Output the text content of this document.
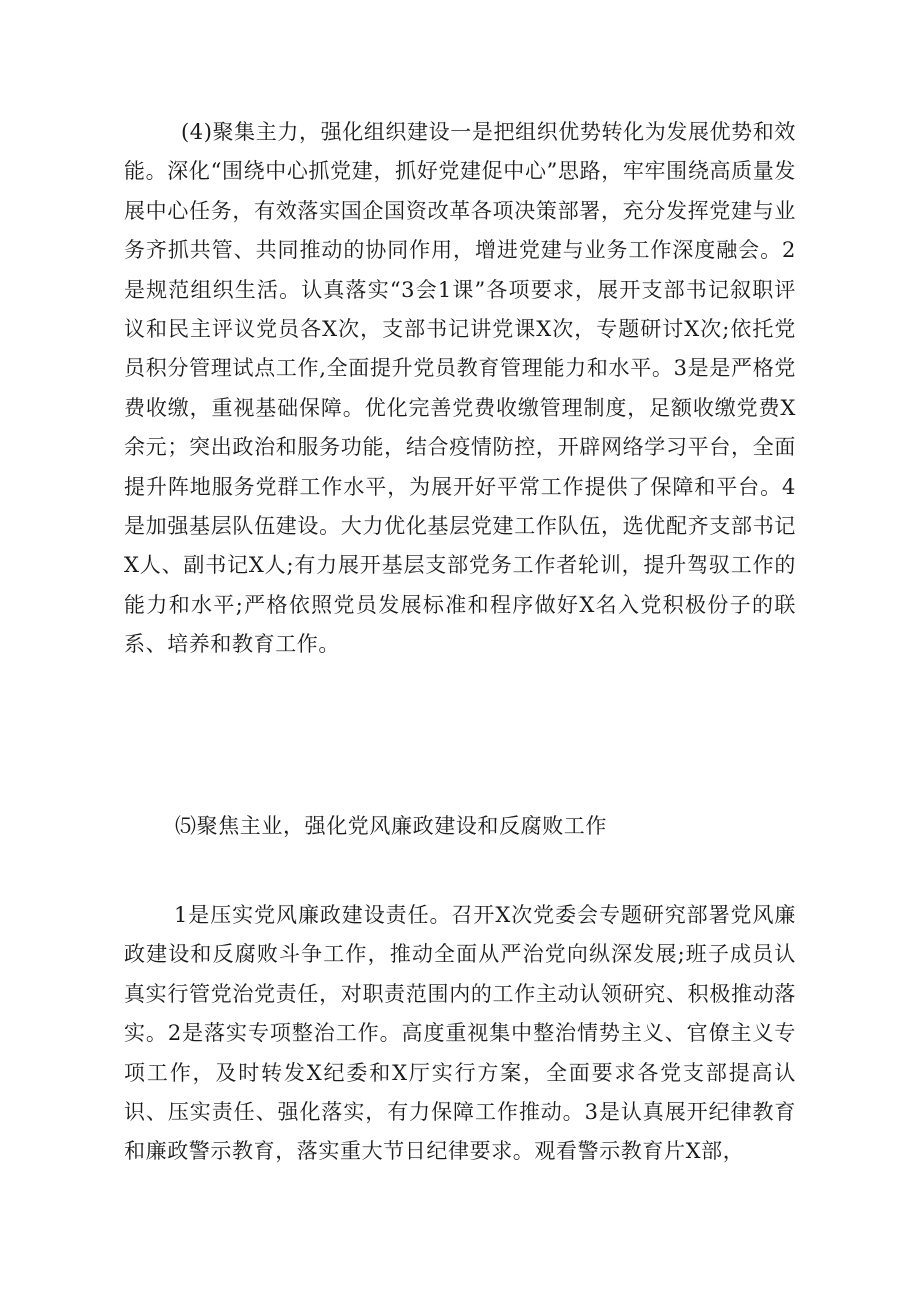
(4)聚集主力，强化组织建设一是把组织优势转化为发展优势和效能。深化“围绕中心抓党建，抓好党建促中心”思路，牢牢围绕高质量发展中心任务，有效落实国企国资改革各项决策部署，充分发挥党建与业务齐抓共管、共同推动的协同作用，增进党建与业务工作深度融会。2是规范组织生活。认真落实“3会1课”各项要求，展开支部书记叙职评议和民主评议党员各X次，支部书记讲党课X次，专题研讨X次;依托党员积分管理试点工作,全面提升党员教育管理能力和水平。3是是严格党费收缴，重视基础保障。优化完善党费收缴管理制度，足额收缴党费X余元；突出政治和服务功能，结合疫情防控，开辟网络学习平台，全面提升阵地服务党群工作水平，为展开好平常工作提供了保障和平台。4是加强基层队伍建设。大力优化基层党建工作队伍，选优配齐支部书记X人、副书记X人;有力展开基层支部党务工作者轮训，提升驾驭工作的能力和水平;严格依照党员发展标准和程序做好X名入党积极份子的联系、培养和教育工作。

⑸聚焦主业，强化党风廉政建设和反腐败工作

1是压实党风廉政建设责任。召开X次党委会专题研究部署党风廉政建设和反腐败斗争工作，推动全面从严治党向纵深发展;班子成员认真实行管党治党责任，对职责范围内的工作主动认领研究、积极推动落实。2是落实专项整治工作。高度重视集中整治情势主义、官僚主义专项工作，及时转发X纪委和X厅实行方案，全面要求各党支部提高认识、压实责任、强化落实，有力保障工作推动。3是认真展开纪律教育和廉政警示教育，落实重大节日纪律要求。观看警示教育片X部，
